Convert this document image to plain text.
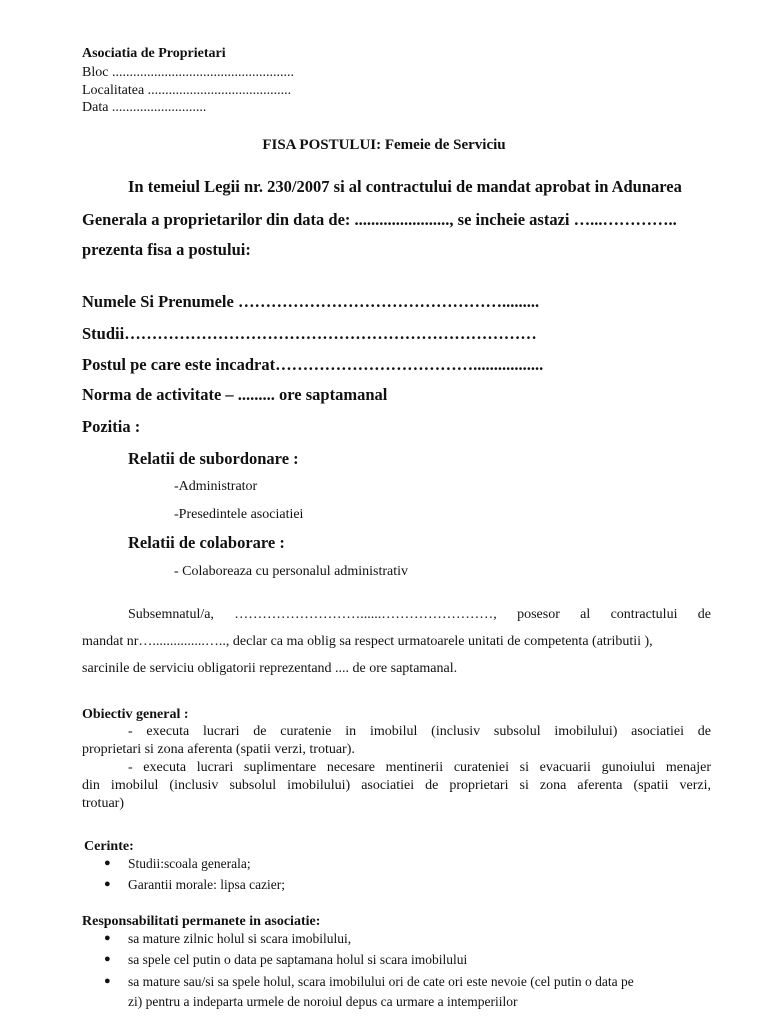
Asociatia de Proprietari
Bloc ....................................................
Localitatea .........................................
Data ...........................
FISA POSTULUI: Femeie de Serviciu
In temeiul Legii nr. 230/2007 si al contractului de mandat aprobat in Adunarea
Generala a proprietarilor din data de: ......................., se incheie astazi …...…………..
prezenta fisa a postului:
Numele Si Prenumele ………………………………………….........
Studii…………………………………………………………………
Postul pe care este incadrat……………………………….................
Norma de activitate – ......... ore saptamanal
Pozitia :
Relatii de subordonare :
-Administrator
-Presedintele asociatiei
Relatii de colaborare :
- Colaboreaza cu personalul administrativ
Subsemnatul/a, ………………………......……………………, posesor al contractului de
mandat nr…...............….., declar ca ma oblig sa respect urmatoarele unitati de competenta (atributii ),
sarcinile de serviciu obligatorii reprezentand .... de ore saptamanal.
Obiectiv general :
- executa lucrari de curatenie in imobilul (inclusiv subsolul imobilului) asociatiei de
proprietari si zona aferenta (spatii verzi, trotuar).
- executa lucrari suplimentare necesare mentinerii curateniei si evacuarii gunoiului menajer
din imobilul (inclusiv subsolul imobilului) asociatiei de proprietari si zona aferenta (spatii verzi,
trotuar)
Cerinte:
● Studii:scoala generala;
● Garantii morale: lipsa cazier;
Responsabilitati permanete in asociatie:
● sa mature zilnic holul si scara imobilului,
● sa spele cel putin o data pe saptamana holul si scara imobilului
● sa mature sau/si sa spele holul, scara imobilului ori de cate ori este nevoie (cel putin o data pe
zi) pentru a indeparta urmele de noroiul depus ca urmare a intemperiilor
